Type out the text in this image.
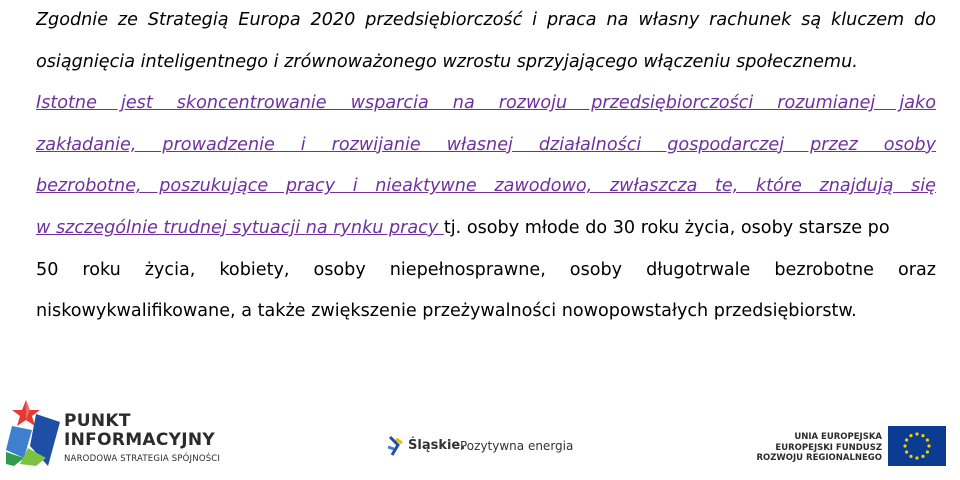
Zgodnie ze Strategią Europa 2020 przedsiębiorczość i praca na własny rachunek są kluczem do
osiągnięcia inteligentnego i zrównoważonego wzrostu sprzyjającego włączeniu społecznemu.
Istotne jest skoncentrowanie wsparcia na rozwoju przedsiębiorczości rozumianej jako
zakładanie, prowadzenie i rozwijanie własnej działalności gospodarczej przez osoby
bezrobotne, poszukujące pracy i nieaktywne zawodowo, zwłaszcza te, które znajdują się
w szczególnie trudnej sytuacji na rynku pracy tj. osoby młode do 30 roku życia, osoby starsze po
50 roku życia, kobiety, osoby niepełnosprawne, osoby długotrwale bezrobotne oraz
niskowykwalifikowane, a także zwiększenie przeżywalności nowopowstałych przedsiębiorstw.
PUNKT
INFORMACYJNY
NARODOWA STRATEGIA SPÓJNOŚCI
Śląskie.
Pozytywna energia
UNIA EUROPEJSKA
EUROPEJSKI FUNDUSZ
ROZWOJU REGIONALNEGO
